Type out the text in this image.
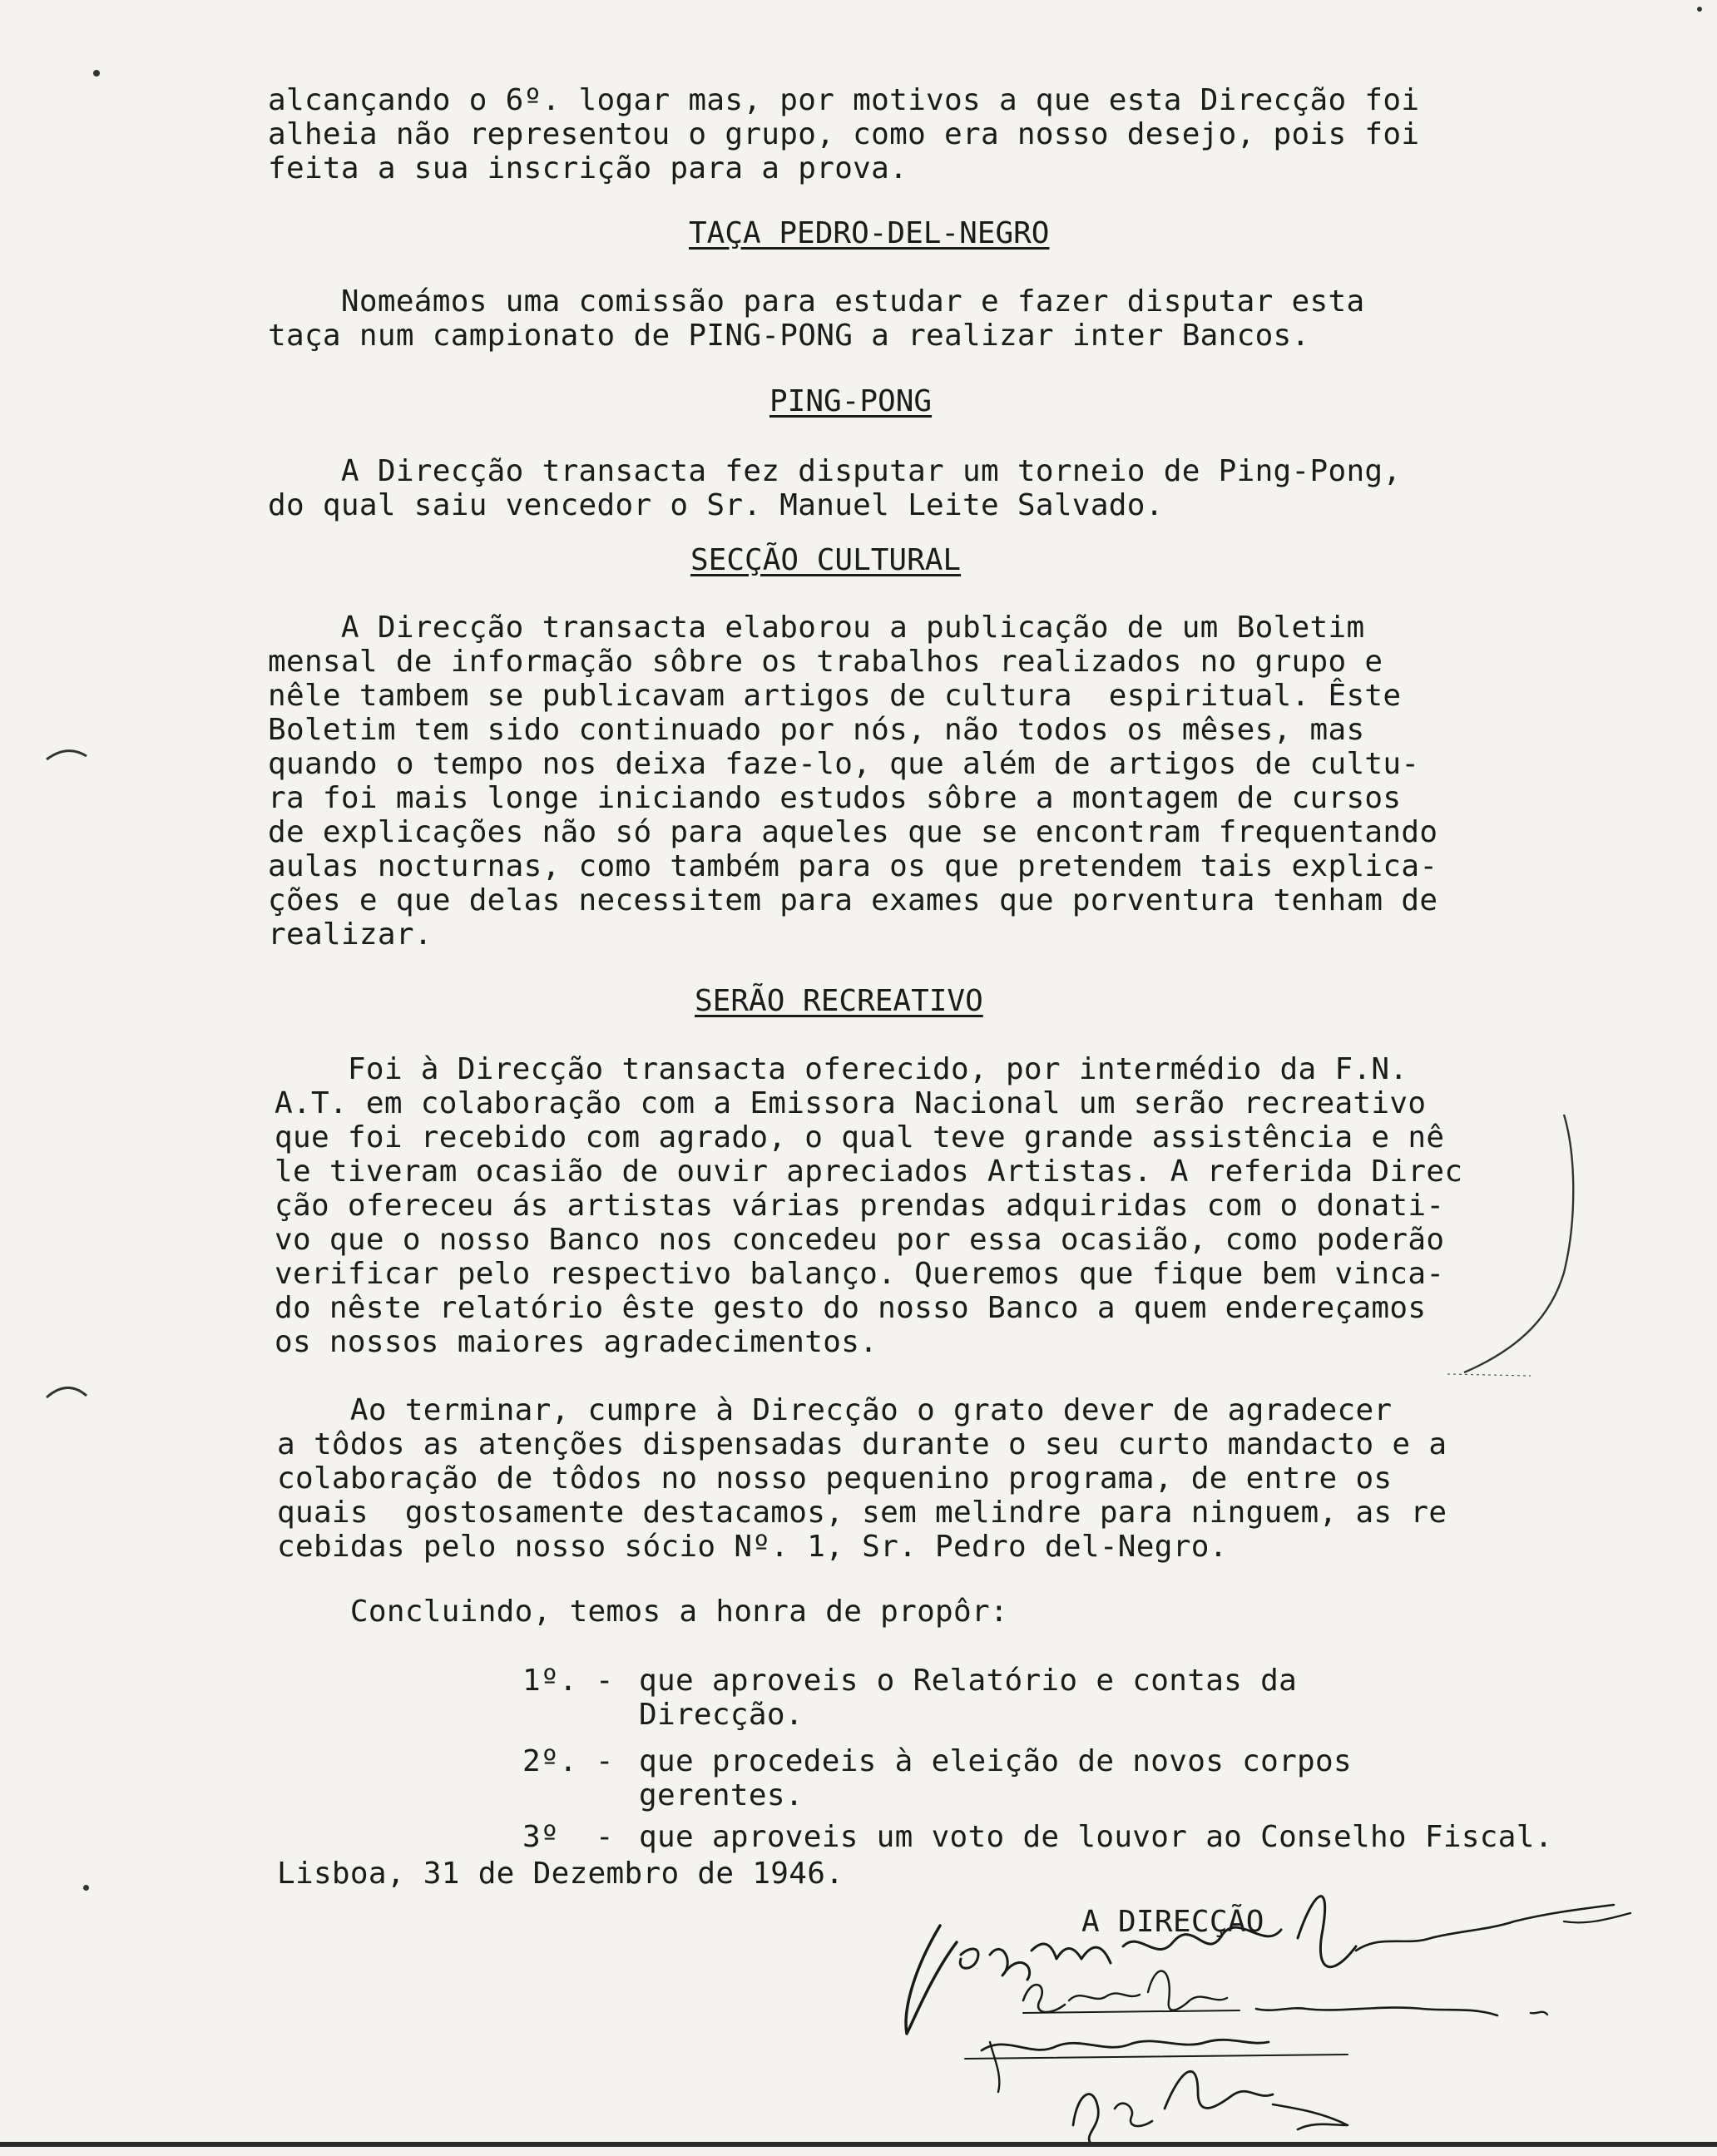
alcançando o 6º. logar mas, por motivos a que esta Direcção foi
alheia não representou o grupo, como era nosso desejo, pois foi
feita a sua inscrição para a prova.
TAÇA PEDRO-DEL-NEGRO
Nomeámos uma comissão para estudar e fazer disputar esta
taça num campionato de PING-PONG a realizar inter Bancos.
PING-PONG
A Direcção transacta fez disputar um torneio de Ping-Pong,
do qual saiu vencedor o Sr. Manuel Leite Salvado.
SECÇÃO CULTURAL
A Direcção transacta elaborou a publicação de um Boletim
mensal de informação sôbre os trabalhos realizados no grupo e
nêle tambem se publicavam artigos de cultura  espiritual. Êste
Boletim tem sido continuado por nós, não todos os mêses, mas
quando o tempo nos deixa faze-lo, que além de artigos de cultu-
ra foi mais longe iniciando estudos sôbre a montagem de cursos
de explicações não só para aqueles que se encontram frequentando
aulas nocturnas, como também para os que pretendem tais explica-
ções e que delas necessitem para exames que porventura tenham de
realizar.
SERÃO RECREATIVO
Foi à Direcção transacta oferecido, por intermédio da F.N.
A.T. em colaboração com a Emissora Nacional um serão recreativo
que foi recebido com agrado, o qual teve grande assistência e nê
le tiveram ocasião de ouvir apreciados Artistas. A referida Direc
ção ofereceu ás artistas várias prendas adquiridas com o donati-
vo que o nosso Banco nos concedeu por essa ocasião, como poderão
verificar pelo respectivo balanço. Queremos que fique bem vinca-
do nêste relatório êste gesto do nosso Banco a quem endereçamos
os nossos maiores agradecimentos.
Ao terminar, cumpre à Direcção o grato dever de agradecer
a tôdos as atenções dispensadas durante o seu curto mandacto e a
colaboração de tôdos no nosso pequenino programa, de entre os
quais  gostosamente destacamos, sem melindre para ninguem, as re
cebidas pelo nosso sócio Nº. 1, Sr. Pedro del-Negro.
Concluindo, temos a honra de propôr:
1º. - que aproveis o Relatório e contas da
Direcção.
2º. - que procedeis à eleição de novos corpos
gerentes.
3º  - que aproveis um voto de louvor ao Conselho Fiscal.
Lisboa, 31 de Dezembro de 1946.
A DIRECÇÃO
